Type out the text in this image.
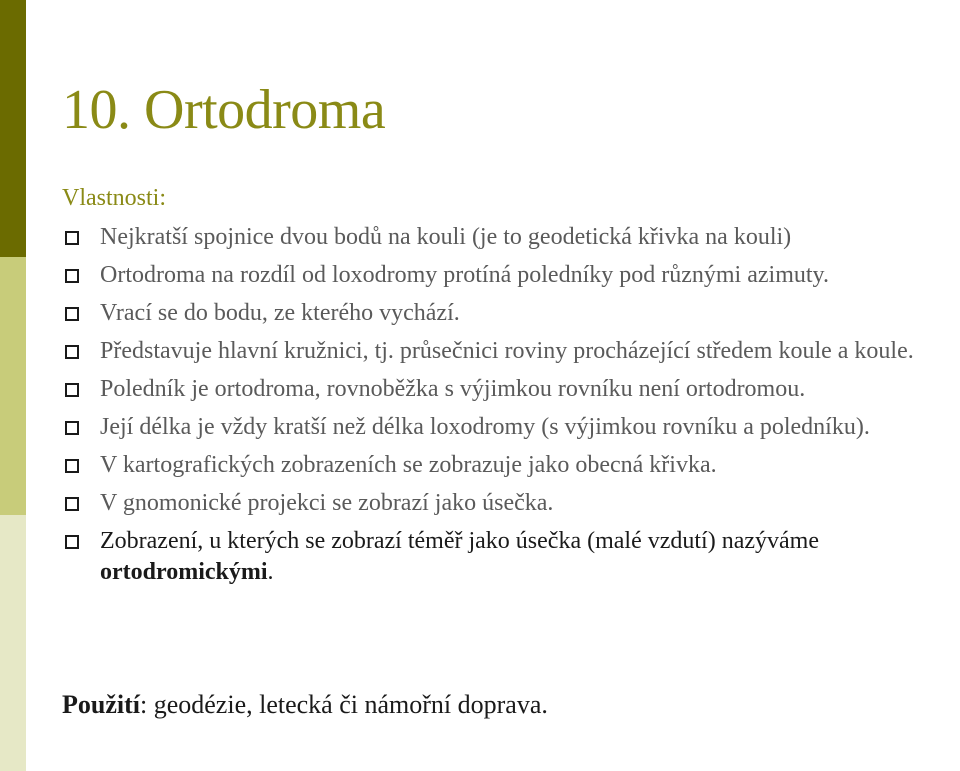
10. Ortodroma
Vlastnosti:
Nejkratší spojnice dvou bodů na kouli (je to geodetická křivka na kouli)
Ortodroma na rozdíl od loxodromy protíná poledníky pod různými azimuty.
Vrací se do bodu, ze kterého vychází.
Představuje hlavní kružnici, tj. průsečnici roviny procházející středem koule a koule.
Poledník je ortodroma, rovnoběžka s výjimkou rovníku není ortodromou.
Její délka je vždy kratší než délka loxodromy (s výjimkou rovníku a poledníku).
V kartografických zobrazeních se zobrazuje jako obecná křivka.
V gnomonické projekci se zobrazí jako úsečka.
Zobrazení, u kterých se zobrazí téměř jako úsečka (malé vzdutí) nazýváme ortodromickými.
Použití: geodézie, letecká či námořní doprava.
